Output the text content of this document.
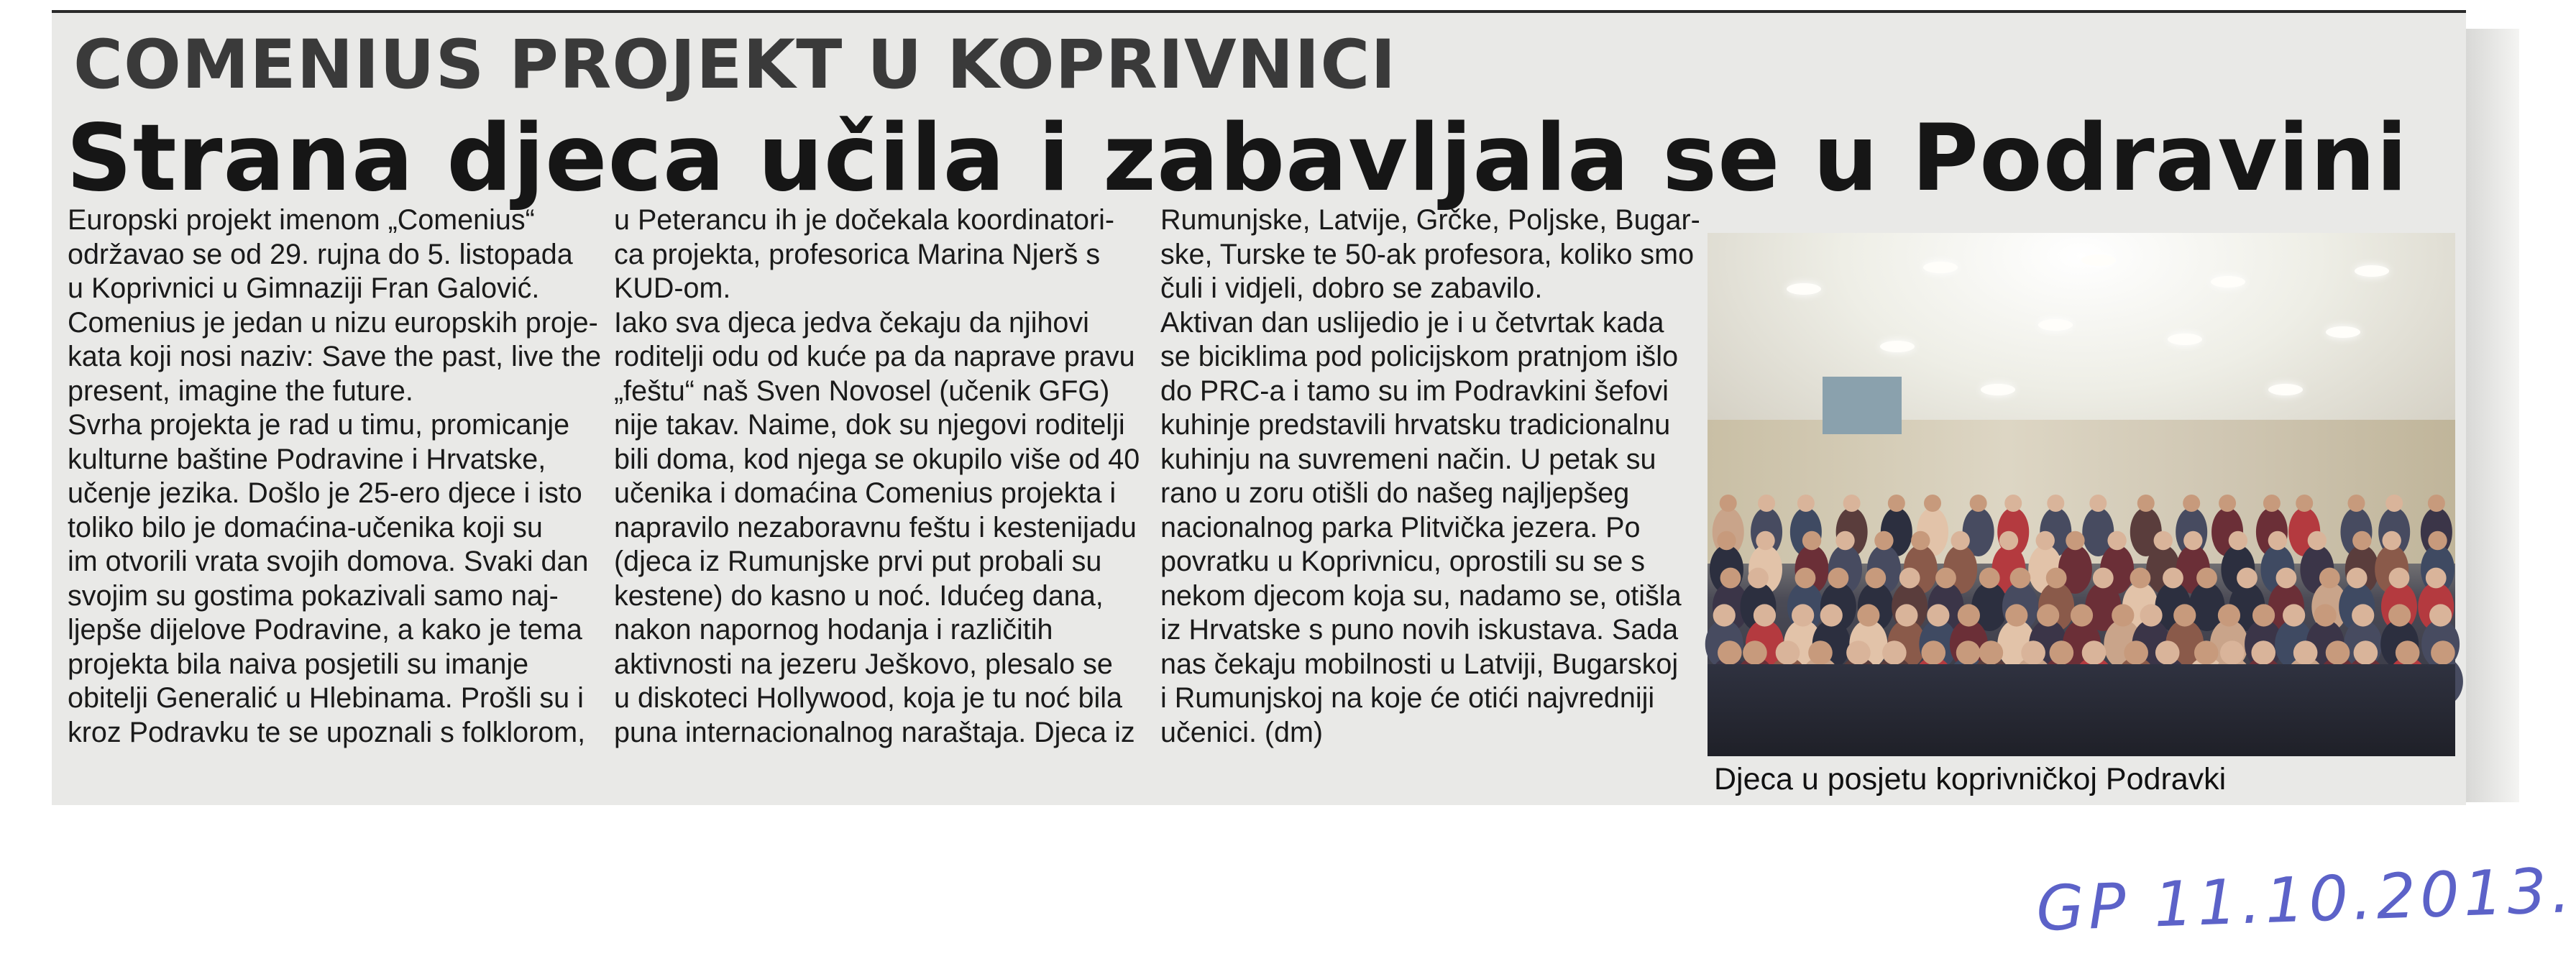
COMENIUS PROJEKT U KOPRIVNICI
Strana djeca učila i zabavljala se u Podravini
Europski projekt imenom „Comenius“
održavao se od 29. rujna do 5. listopada
u Koprivnici u Gimnaziji Fran Galović.
Comenius je jedan u nizu europskih proje-
kata koji nosi naziv: Save the past, live the
present, imagine the future.
Svrha projekta je rad u timu, promicanje
kulturne baštine Podravine i Hrvatske,
učenje jezika. Došlo je 25-ero djece i isto
toliko bilo je domaćina-učenika koji su
im otvorili vrata svojih domova. Svaki dan
svojim su gostima pokazivali samo naj-
ljepše dijelove Podravine, a kako je tema
projekta bila naiva posjetili su imanje
obitelji Generalić u Hlebinama. Prošli su i
kroz Podravku te se upoznali s folklorom,
u Peterancu ih je dočekala koordinatori-
ca projekta, profesorica Marina Njerš s
KUD-om.
Iako sva djeca jedva čekaju da njihovi
roditelji odu od kuće pa da naprave pravu
„feštu“ naš Sven Novosel (učenik GFG)
nije takav. Naime, dok su njegovi roditelji
bili doma, kod njega se okupilo više od 40
učenika i domaćina Comenius projekta i
napravilo nezaboravnu feštu i kestenijadu
(djeca iz Rumunjske prvi put probali su
kestene) do kasno u noć. Idućeg dana,
nakon napornog hodanja i različitih
aktivnosti na jezeru Ješkovo, plesalo se
u diskoteci Hollywood, koja je tu noć bila
puna internacionalnog naraštaja. Djeca iz
Rumunjske, Latvije, Grčke, Poljske, Bugar-
ske, Turske te 50-ak profesora, koliko smo
čuli i vidjeli, dobro se zabavilo.
Aktivan dan uslijedio je i u četvrtak kada
se biciklima pod policijskom pratnjom išlo
do PRC-a i tamo su im Podravkini šefovi
kuhinje predstavili hrvatsku tradicionalnu
kuhinju na suvremeni način. U petak su
rano u zoru otišli do našeg najljepšeg
nacionalnog parka Plitvička jezera. Po
povratku u Koprivnicu, oprostili su se s
nekom djecom koja su, nadamo se, otišla
iz Hrvatske s puno novih iskustava. Sada
nas čekaju mobilnosti u Latviji, Bugarskoj
i Rumunjskoj na koje će otići najvredniji
učenici. (dm)
Djeca u posjetu koprivničkoj Podravki
GP 11.10.2013.
